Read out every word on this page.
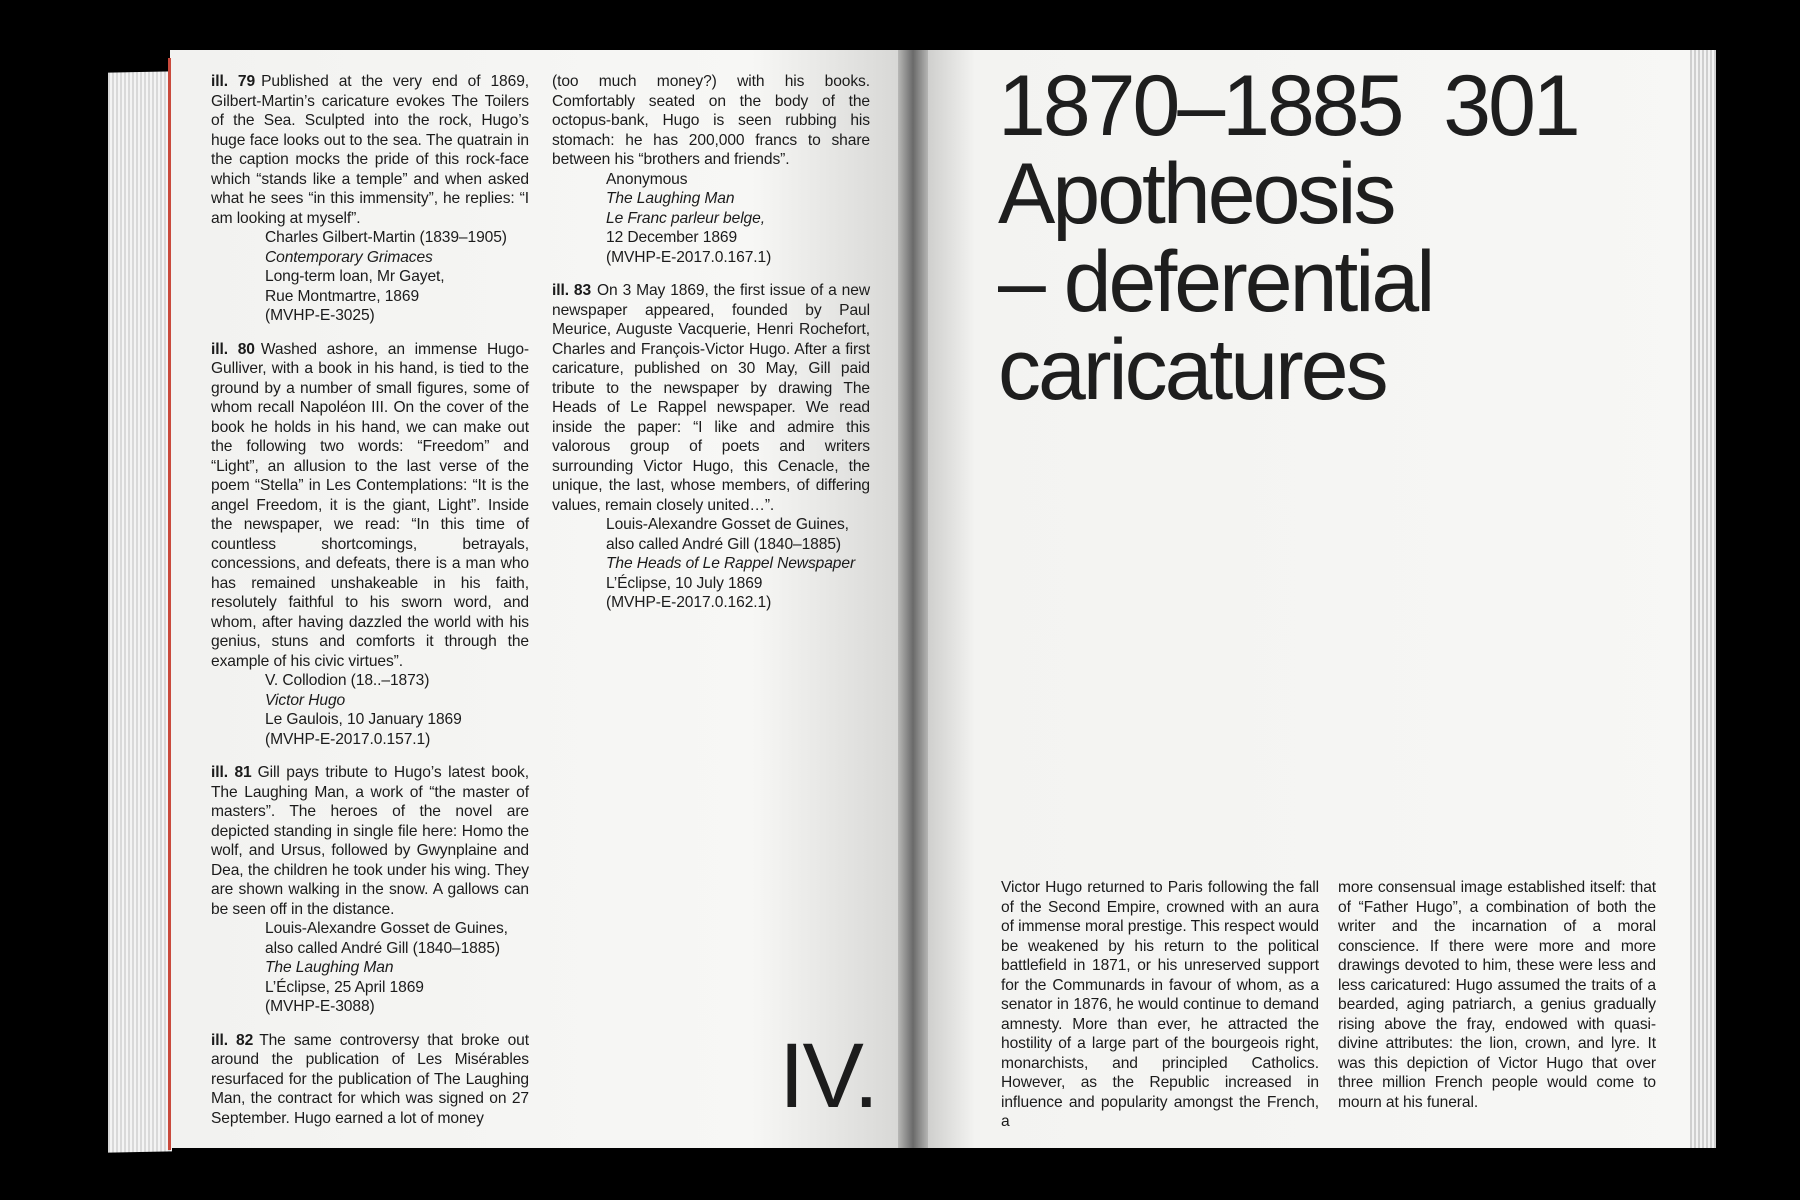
ill. 79 Published at the very end of 1869, Gilbert-Martin’s caricature evokes The Toilers of the Sea. Sculpted into the rock, Hugo’s huge face looks out to the sea. The quatrain in the caption mocks the pride of this rock-face which “stands like a temple” and when asked what he sees “in this immensity”, he replies: “I am looking at myself”.

Charles Gilbert-Martin (1839–1905)
Contemporary Grimaces
Long-term loan, Mr Gayet,
Rue Montmartre, 1869
(MVHP-E-3025)

ill. 80 Washed ashore, an immense Hugo-Gulliver, with a book in his hand, is tied to the ground by a number of small figures, some of whom recall Napoléon III. On the cover of the book he holds in his hand, we can make out the following two words: “Freedom” and “Light”, an allusion to the last verse of the poem “Stella” in Les Contemplations: “It is the angel Freedom, it is the giant, Light”. Inside the newspaper, we read: “In this time of countless shortcomings, betrayals, concessions, and defeats, there is a man who has remained unshakeable in his faith, resolutely faithful to his sworn word, and whom, after having dazzled the world with his genius, stuns and comforts it through the example of his civic virtues”.

V. Collodion (18..–1873)
Victor Hugo
Le Gaulois, 10 January 1869
(MVHP-E-2017.0.157.1)

ill. 81 Gill pays tribute to Hugo’s latest book, The Laughing Man, a work of “the master of masters”. The heroes of the novel are depicted standing in single file here: Homo the wolf, and Ursus, followed by Gwynplaine and Dea, the children he took under his wing. They are shown walking in the snow. A gallows can be seen off in the distance.

Louis-Alexandre Gosset de Guines,
also called André Gill (1840–1885)
The Laughing Man
L’Éclipse, 25 April 1869
(MVHP-E-3088)

ill. 82 The same controversy that broke out around the publication of Les Misérables resurfaced for the publication of The Laughing Man, the contract for which was signed on 27 September. Hugo earned a lot of money

(too much money?) with his books. Comfortably seated on the body of the octopus-bank, Hugo is seen rubbing his stomach: he has 200,000 francs to share between his “brothers and friends”.

Anonymous
The Laughing Man
Le Franc parleur belge,
12 December 1869
(MVHP-E-2017.0.167.1)

ill. 83 On 3 May 1869, the first issue of a new newspaper appeared, founded by Paul Meurice, Auguste Vacquerie, Henri Rochefort, Charles and François-Victor Hugo. After a first caricature, published on 30 May, Gill paid tribute to the newspaper by drawing The Heads of Le Rappel newspaper. We read inside the paper: “I like and admire this valorous group of poets and writers surrounding Victor Hugo, this Cenacle, the unique, the last, whose members, of differing values, remain closely united…”.

Louis-Alexandre Gosset de Guines,
also called André Gill (1840–1885)
The Heads of Le Rappel Newspaper
L’Éclipse, 10 July 1869
(MVHP-E-2017.0.162.1)
IV.
1870–1885  301
Apotheosis
– deferential
caricatures
Victor Hugo returned to Paris following the fall of the Second Empire, crowned with an aura of immense moral prestige. This respect would be weakened by his return to the political battlefield in 1871, or his unreserved support for the Communards in favour of whom, as a senator in 1876, he would continue to demand amnesty. More than ever, he attracted the hostility of a large part of the bourgeois right, monarchists, and principled Catholics. However, as the Republic increased in influence and popularity amongst the French, a
more consensual image established itself: that of “Father Hugo”, a combination of both the writer and the incarnation of a moral conscience. If there were more and more drawings devoted to him, these were less and less caricatured: Hugo assumed the traits of a bearded, aging patriarch, a genius gradually rising above the fray, endowed with quasi-divine attributes: the lion, crown, and lyre. It was this depiction of Victor Hugo that over three million French people would come to mourn at his funeral.
